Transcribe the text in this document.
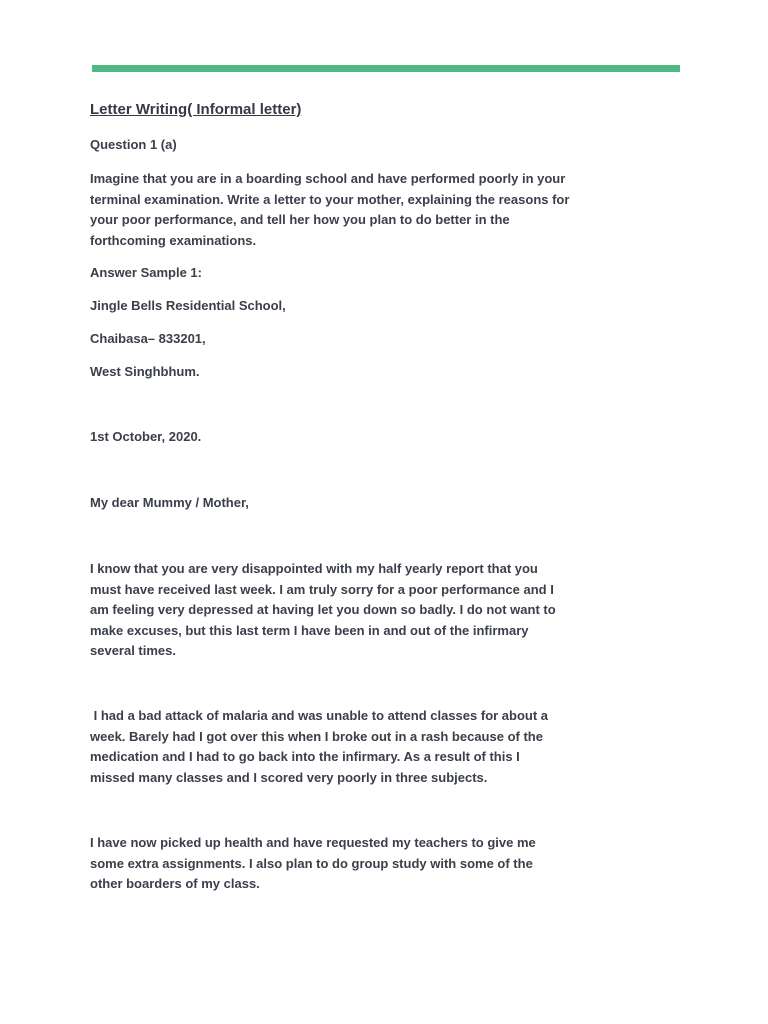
Letter Writing( Informal letter)

Question 1 (a)

Imagine that you are in a boarding school and have performed poorly in your terminal examination. Write a letter to your mother, explaining the reasons for your poor performance, and tell her how you plan to do better in the forthcoming examinations.

Answer Sample 1:

Jingle Bells Residential School,

Chaibasa– 833201,

West Singhbhum.

1st October, 2020.

My dear Mummy / Mother,

I know that you are very disappointed with my half yearly report that you must have received last week. I am truly sorry for a poor performance and I am feeling very depressed at having let you down so badly. I do not want to make excuses, but this last term I have been in and out of the infirmary several times.

I had a bad attack of malaria and was unable to attend classes for about a week. Barely had I got over this when I broke out in a rash because of the medication and I had to go back into the infirmary. As a result of this I missed many classes and I scored very poorly in three subjects.

I have now picked up health and have requested my teachers to give me some extra assignments. I also plan to do group study with some of the other boarders of my class.
